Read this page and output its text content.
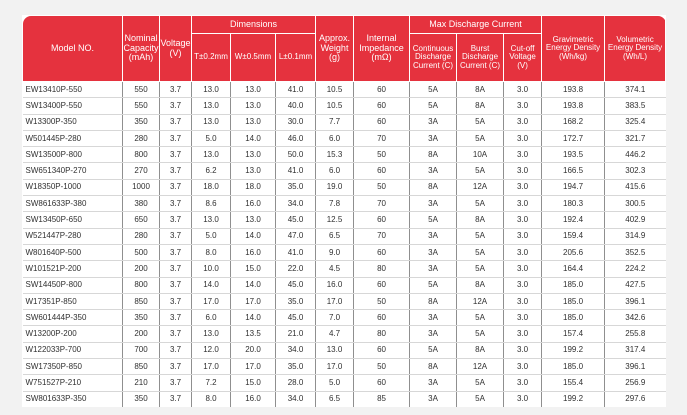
Model NO.	Nominal Capacity (mAh)	Voltage (V)	Dimensions			Approx. Weight (g)	Internal Impedance (mΩ)	Max Discharge Current			Gravimetric Energy Density (Wh/kg)	Volumetric Energy Density (Wh/L)
			T±0.2mm	W±0.5mm	L±0.1mm			Continuous Discharge Current (C)	Burst Discharge Current (C)	Cut-off Voltage (V)		
EW13410P-550	550	3.7	13.0	13.0	41.0	10.5	60	5A	8A	3.0	193.8	374.1
SW13400P-550	550	3.7	13.0	13.0	40.0	10.5	60	5A	8A	3.0	193.8	383.5
W13300P-350	350	3.7	13.0	13.0	30.0	7.7	60	3A	5A	3.0	168.2	325.4
W501445P-280	280	3.7	5.0	14.0	46.0	6.0	70	3A	5A	3.0	172.7	321.7
SW13500P-800	800	3.7	13.0	13.0	50.0	15.3	50	8A	10A	3.0	193.5	446.2
SW651340P-270	270	3.7	6.2	13.0	41.0	6.0	60	3A	5A	3.0	166.5	302.3
W18350P-1000	1000	3.7	18.0	18.0	35.0	19.0	50	8A	12A	3.0	194.7	415.6
SW861633P-380	380	3.7	8.6	16.0	34.0	7.8	70	3A	5A	3.0	180.3	300.5
SW13450P-650	650	3.7	13.0	13.0	45.0	12.5	60	5A	8A	3.0	192.4	402.9
W521447P-280	280	3.7	5.0	14.0	47.0	6.5	70	3A	5A	3.0	159.4	314.9
W801640P-500	500	3.7	8.0	16.0	41.0	9.0	60	3A	5A	3.0	205.6	352.5
W101521P-200	200	3.7	10.0	15.0	22.0	4.5	80	3A	5A	3.0	164.4	224.2
SW14450P-800	800	3.7	14.0	14.0	45.0	16.0	60	5A	8A	3.0	185.0	427.5
W17351P-850	850	3.7	17.0	17.0	35.0	17.0	50	8A	12A	3.0	185.0	396.1
SW601444P-350	350	3.7	6.0	14.0	45.0	7.0	60	3A	5A	3.0	185.0	342.6
W13200P-200	200	3.7	13.0	13.5	21.0	4.7	80	3A	5A	3.0	157.4	255.8
W122033P-700	700	3.7	12.0	20.0	34.0	13.0	60	5A	8A	3.0	199.2	317.4
SW17350P-850	850	3.7	17.0	17.0	35.0	17.0	50	8A	12A	3.0	185.0	396.1
W751527P-210	210	3.7	7.2	15.0	28.0	5.0	60	3A	5A	3.0	155.4	256.9
SW801633P-350	350	3.7	8.0	16.0	34.0	6.5	85	3A	5A	3.0	199.2	297.6
